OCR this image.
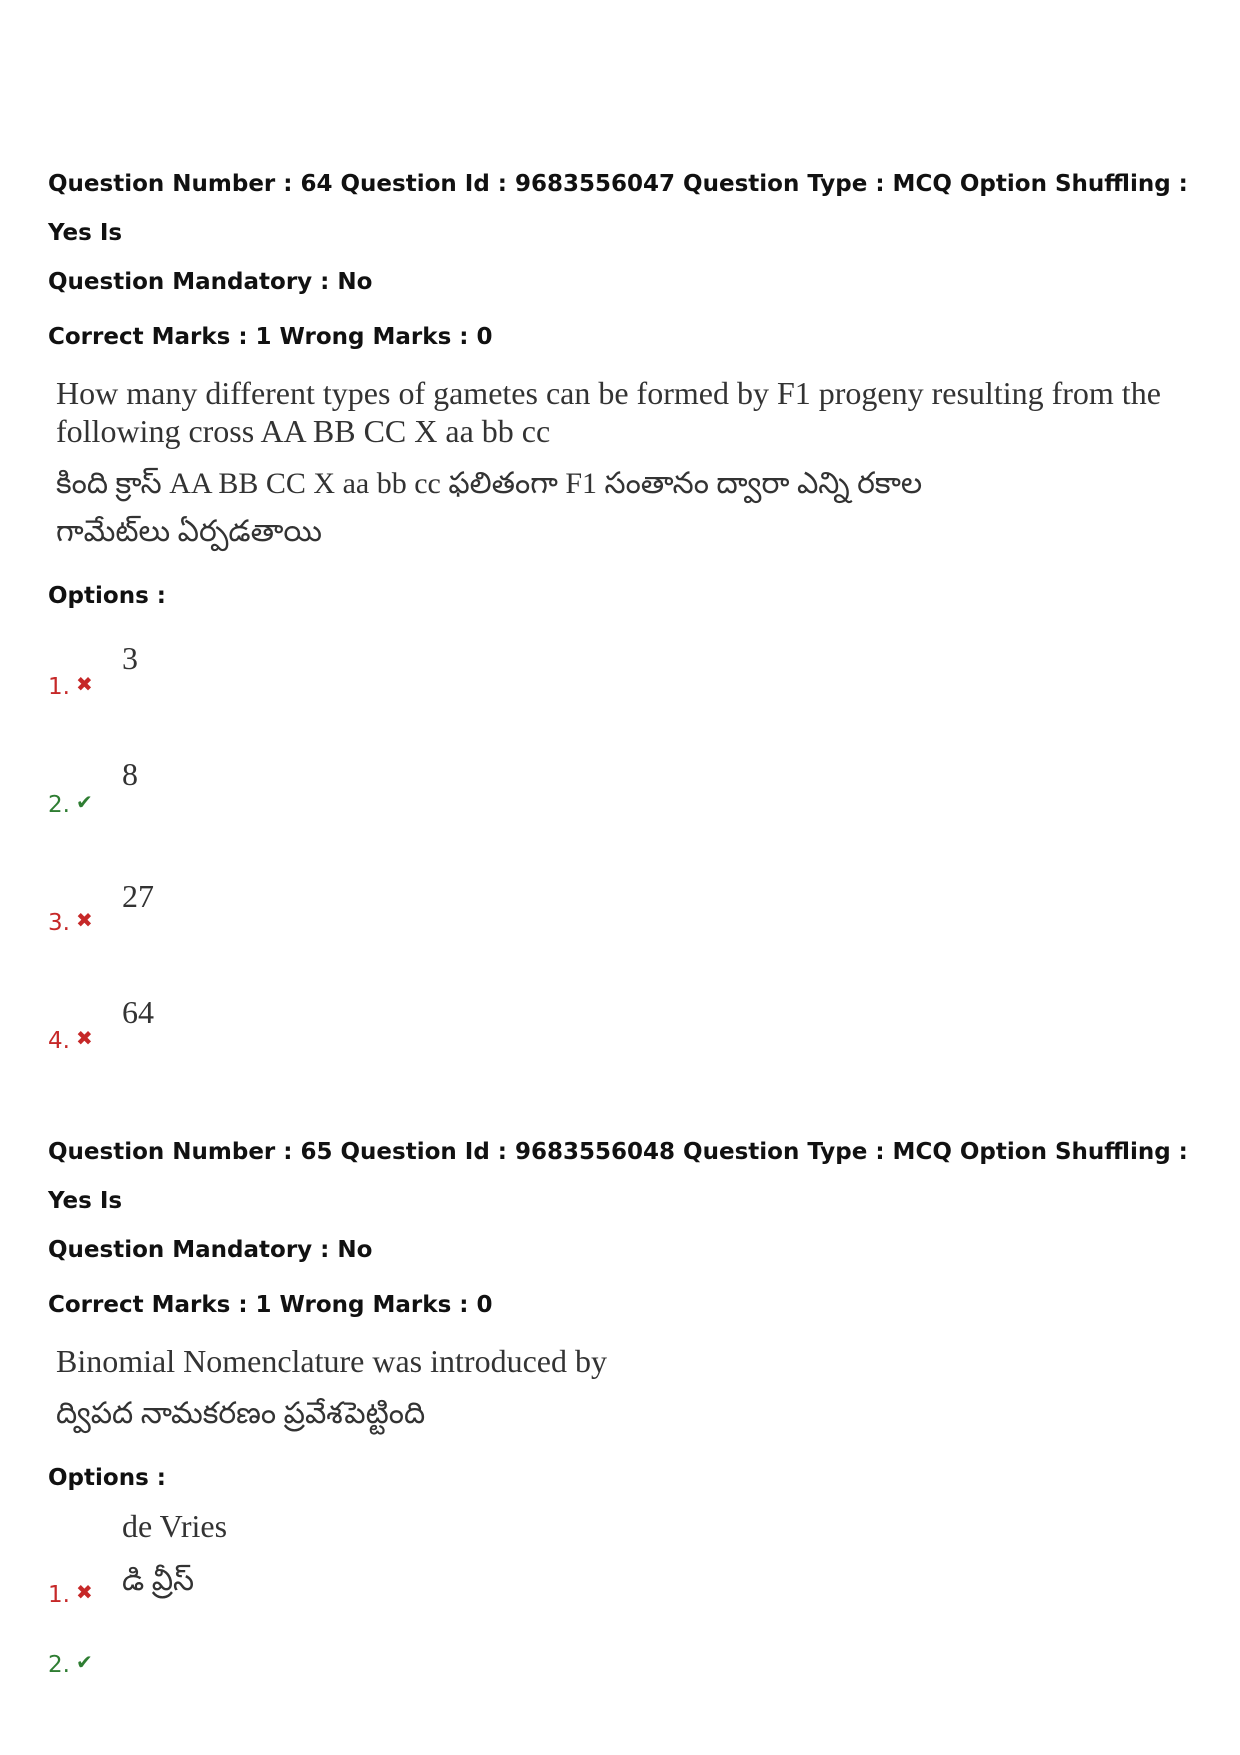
Question Number : 64 Question Id : 9683556047 Question Type : MCQ Option Shuffling : Yes Is
Question Mandatory : No
Correct Marks : 1 Wrong Marks : 0
How many different types of gametes can be formed by F1 progeny resulting from the
following cross AA BB CC X aa bb cc
కింది క్రాస్ AA BB CC X aa bb cc ఫలితంగా F1 సంతానం ద్వారా ఎన్ని రకాల
గామేట్‌లు ఏర్పడతాయి
Options :
1. ✖
3
2. ✔
8
3. ✖
27
4. ✖
64
Question Number : 65 Question Id : 9683556048 Question Type : MCQ Option Shuffling : Yes Is
Question Mandatory : No
Correct Marks : 1 Wrong Marks : 0
Binomial Nomenclature was introduced by
ద్విపద నామకరణం ప్రవేశపెట్టింది
Options :
de Vries
డి వ్రీస్
1. ✖
2. ✔
